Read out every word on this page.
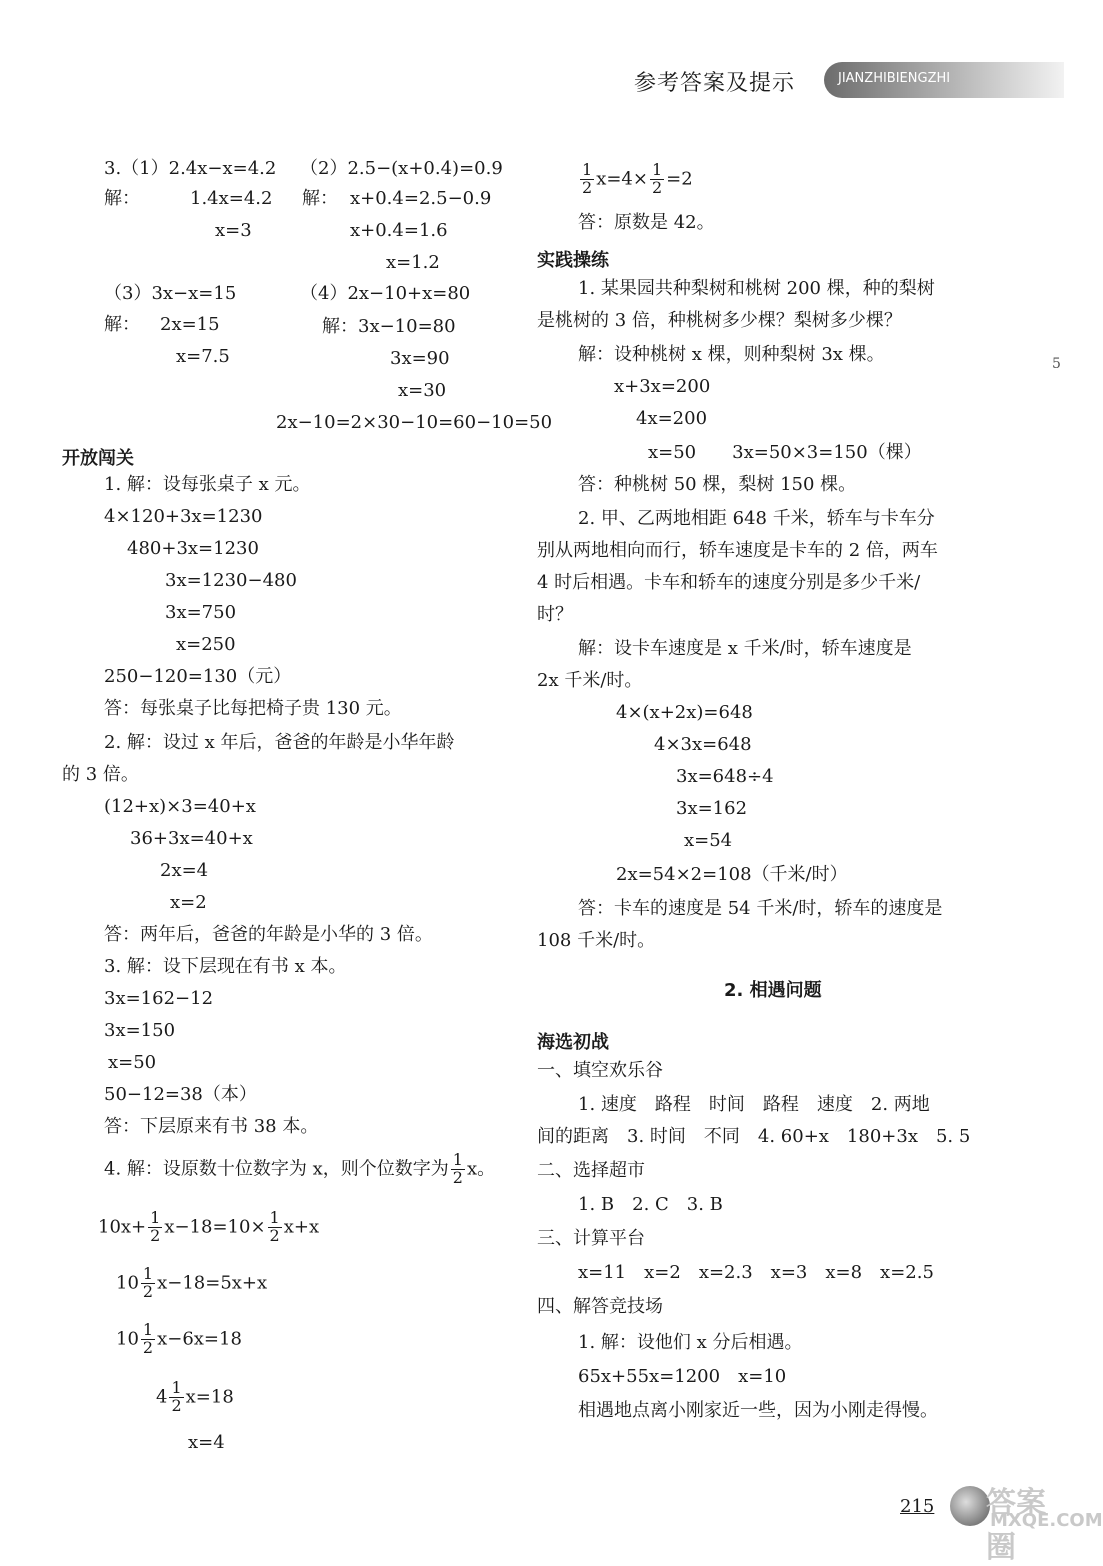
参考答案及提示	JIANZHIBIENGZHI
3.（1）2.4x−x=4.2 （2）2.5−(x+0.4)=0.9
解：	1.4x=4.2 解： x+0.4=2.5−0.9
x=3	x+0.4=1.6
x=1.2
（3）3x−x=15	（4）2x−10+x=80
解： 2x=15	解：3x−10=80
x=7.5	3x=90
x=30
2x−10=2×30−10=60−10=50
开放闯关
1. 解：设每张桌子 x 元。
4×120+3x=1230
480+3x=1230
3x=1230−480
3x=750
x=250
250−120=130（元）
答：每张桌子比每把椅子贵 130 元。
2. 解：设过 x 年后，爸爸的年龄是小华年龄
的 3 倍。
(12+x)×3=40+x
36+3x=40+x
2x=4
x=2
答：两年后，爸爸的年龄是小华的 3 倍。
3. 解：设下层现在有书 x 本。
3x=162−12
3x=150
x=50
50−12=38（本）
答：下层原来有书 38 本。
4. 解：设原数十位数字为 x，则个位数字为 $\frac{1}{2}$ x。
$10x+ \frac{1}{2} x-18=10\times \frac{1}{2} x+x$
$10 \frac{1}{2} x-18=5x+x$
$10 \frac{1}{2} x-6x=18$
$4 \frac{1}{2} x=18$
x=4
$\frac{1}{2} x=4\times \frac{1}{2} =2$
答：原数是 42。
实践操练
1. 某果园共种梨树和桃树 200 棵，种的梨树
是桃树的 3 倍，种桃树多少棵？梨树多少棵？
解：设种桃树 x 棵，则种梨树 3x 棵。
x+3x=200
4x=200
x=50　　3x=50×3=150（棵）
答：种桃树 50 棵，梨树 150 棵。
2. 甲、乙两地相距 648 千米，轿车与卡车分
别从两地相向而行，轿车速度是卡车的 2 倍，两车
4 时后相遇。卡车和轿车的速度分别是多少千米/
时？
解：设卡车速度是 x 千米/时，轿车速度是
2x 千米/时。
4×(x+2x)=648
4×3x=648
3x=648÷4
3x=162
x=54
2x=54×2=108（千米/时）
答：卡车的速度是 54 千米/时，轿车的速度是
108 千米/时。
2. 相遇问题
海选初战
一、填空欢乐谷
1. 速度　路程　时间　路程　速度　2. 两地
间的距离　3. 时间　不同　4. 60+x　180+3x　5. 5
二、选择超市
1. B　2. C　3. B
三、计算平台
x=11　x=2　x=2.3　x=3　x=8　x=2.5
四、解答竞技场
1. 解：设他们 x 分后相遇。
65x+55x=1200　x=10
相遇地点离小刚家近一些，因为小刚走得慢。
215 答案圈
MXQE.COM
5
